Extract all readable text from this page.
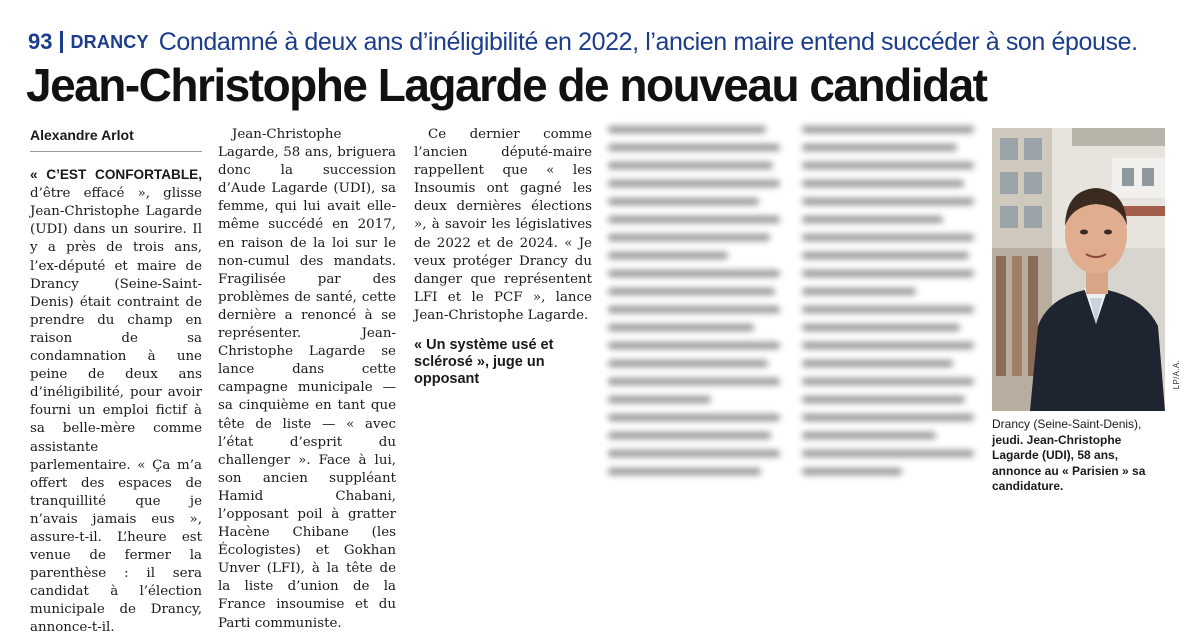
93 DRANCY Condamné à deux ans d’inéligibilité en 2022, l’ancien maire entend succéder à son épouse.
Jean-Christophe Lagarde de nouveau candidat
Alexandre Arlot

« C’EST CONFORTABLE, d’être effacé », glisse Jean-Christophe Lagarde (UDI) dans un sourire. Il y a près de trois ans, l’ex-député et maire de Drancy (Seine-Saint-Denis) était contraint de prendre du champ en raison de sa condamnation à une peine de deux ans d’inéligibilité, pour avoir fourni un emploi fictif à sa belle-mère comme assistante parlementaire. « Ça m’a offert des espaces de tranquillité que je n’avais jamais eus », assure-t-il. L’heure est venue de fermer la parenthèse : il sera candidat à l’élection municipale de Drancy, annonce-t-il.

Jean-Christophe Lagarde, 58 ans, briguera donc la succession d’Aude Lagarde (UDI), sa femme, qui lui avait elle-même succédé en 2017, en raison de la loi sur le non-cumul des mandats. Fragilisée par des problèmes de santé, cette dernière a renoncé à se représenter. Jean-Christophe Lagarde se lance dans cette campagne municipale — sa cinquième en tant que tête de liste — « avec l’état d’esprit du challenger ». Face à lui, son ancien suppléant Hamid Chabani, l’opposant poil à gratter Hacène Chibane (les Écologistes) et Gokhan Unver (LFI), à la tête de la liste d’union de la France insoumise et du Parti communiste.

Ce dernier comme l’ancien député-maire rappellent que « les Insoumis ont gagné les deux dernières élections », à savoir les législatives de 2022 et de 2024. « Je veux protéger Drancy du danger que représentent LFI et le PCF », lance Jean-Christophe Lagarde.

« Un système usé et sclérosé », juge un opposant	LP/A.A.
Drancy (Seine-Saint-Denis), jeudi. Jean-Christophe Lagarde (UDI), 58 ans, annonce au « Parisien » sa candidature.
